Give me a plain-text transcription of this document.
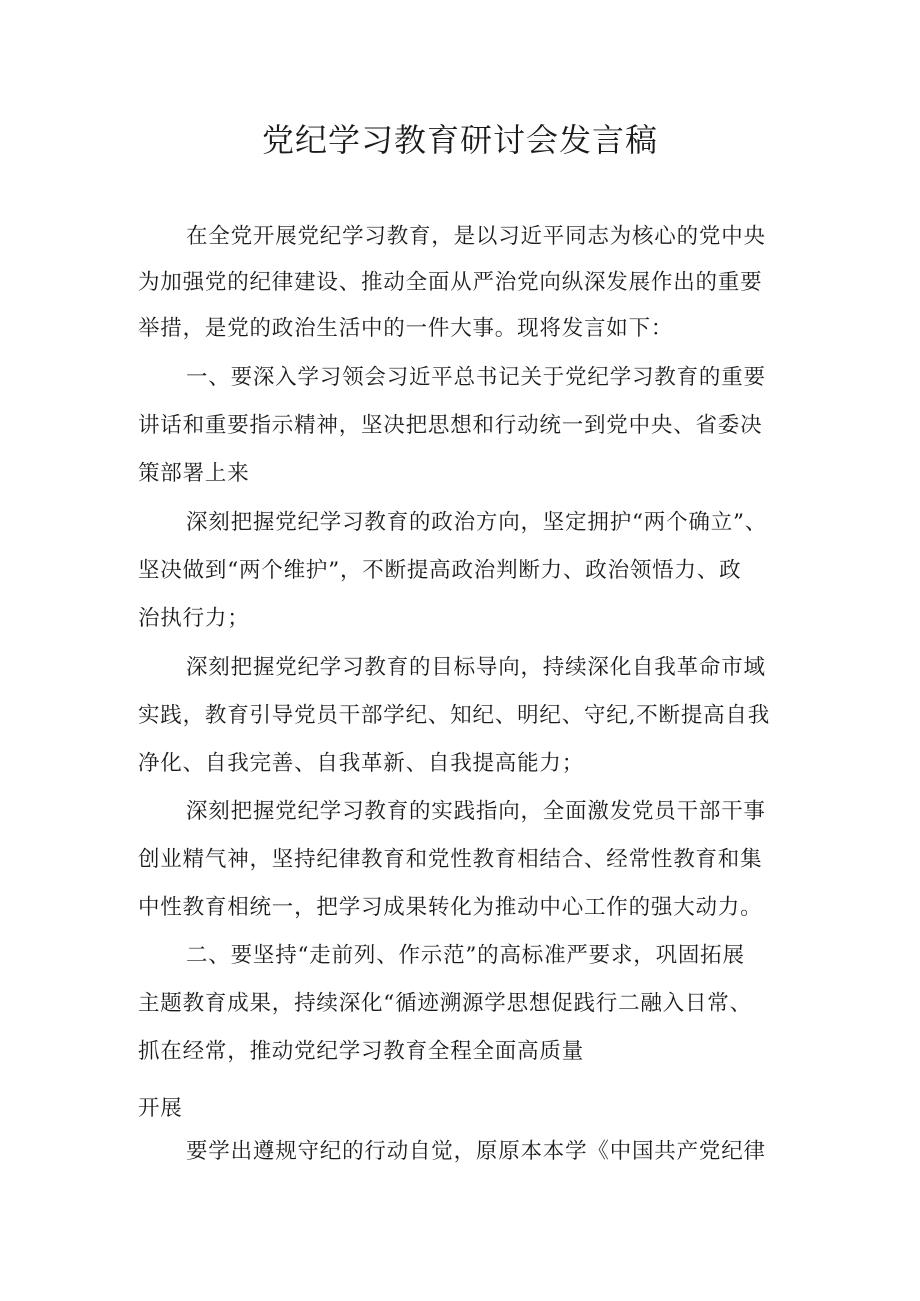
党纪学习教育研讨会发言稿
在全党开展党纪学习教育，是以习近平同志为核心的党中央
为加强党的纪律建设、推动全面从严治党向纵深发展作出的重要
举措，是党的政治生活中的一件大事。现将发言如下：
一、要深入学习领会习近平总书记关于党纪学习教育的重要
讲话和重要指示精神，坚决把思想和行动统一到党中央、省委决
策部署上来
深刻把握党纪学习教育的政治方向，坚定拥护“两个确立”、
坚决做到“两个维护”，不断提高政治判断力、政治领悟力、政
治执行力；
深刻把握党纪学习教育的目标导向，持续深化自我革命市域
实践，教育引导党员干部学纪、知纪、明纪、守纪,不断提高自我
净化、自我完善、自我革新、自我提高能力；
深刻把握党纪学习教育的实践指向，全面激发党员干部干事
创业精气神，坚持纪律教育和党性教育相结合、经常性教育和集
中性教育相统一，把学习成果转化为推动中心工作的强大动力。
二、要坚持“走前列、作示范”的高标准严要求，巩固拓展
主题教育成果，持续深化“循迹溯源学思想促践行二融入日常、
抓在经常，推动党纪学习教育全程全面高质量
开展
要学出遵规守纪的行动自觉，原原本本学《中国共产党纪律
